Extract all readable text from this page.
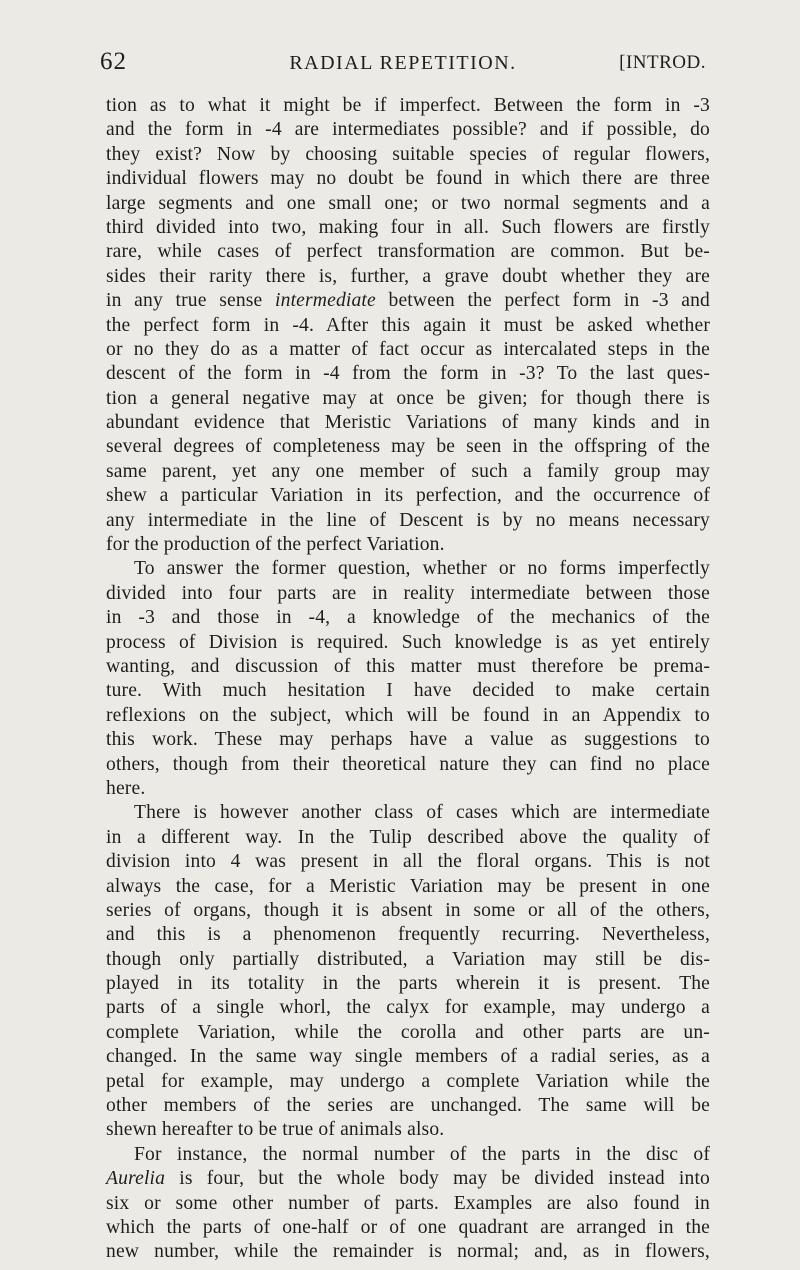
62	RADIAL REPETITION.	[INTROD.
tion as to what it might be if imperfect. Between the form in -3
and the form in -4 are intermediates possible? and if possible, do
they exist? Now by choosing suitable species of regular flowers,
individual flowers may no doubt be found in which there are three
large segments and one small one; or two normal segments and a
third divided into two, making four in all. Such flowers are firstly
rare, while cases of perfect transformation are common. But be-
sides their rarity there is, further, a grave doubt whether they are
in any true sense intermediate between the perfect form in -3 and
the perfect form in -4. After this again it must be asked whether
or no they do as a matter of fact occur as intercalated steps in the
descent of the form in -4 from the form in -3? To the last ques-
tion a general negative may at once be given; for though there is
abundant evidence that Meristic Variations of many kinds and in
several degrees of completeness may be seen in the offspring of the
same parent, yet any one member of such a family group may
shew a particular Variation in its perfection, and the occurrence of
any intermediate in the line of Descent is by no means necessary
for the production of the perfect Variation.
To answer the former question, whether or no forms imperfectly
divided into four parts are in reality intermediate between those
in -3 and those in -4, a knowledge of the mechanics of the
process of Division is required. Such knowledge is as yet entirely
wanting, and discussion of this matter must therefore be prema-
ture. With much hesitation I have decided to make certain
reflexions on the subject, which will be found in an Appendix to
this work. These may perhaps have a value as suggestions to
others, though from their theoretical nature they can find no place
here.
There is however another class of cases which are intermediate
in a different way. In the Tulip described above the quality of
division into 4 was present in all the floral organs. This is not
always the case, for a Meristic Variation may be present in one
series of organs, though it is absent in some or all of the others,
and this is a phenomenon frequently recurring. Nevertheless,
though only partially distributed, a Variation may still be dis-
played in its totality in the parts wherein it is present. The
parts of a single whorl, the calyx for example, may undergo a
complete Variation, while the corolla and other parts are un-
changed. In the same way single members of a radial series, as a
petal for example, may undergo a complete Variation while the
other members of the series are unchanged. The same will be
shewn hereafter to be true of animals also.
For instance, the normal number of the parts in the disc of
Aurelia is four, but the whole body may be divided instead into
six or some other number of parts. Examples are also found in
which the parts of one-half or of one quadrant are arranged in the
new number, while the remainder is normal; and, as in flowers,
